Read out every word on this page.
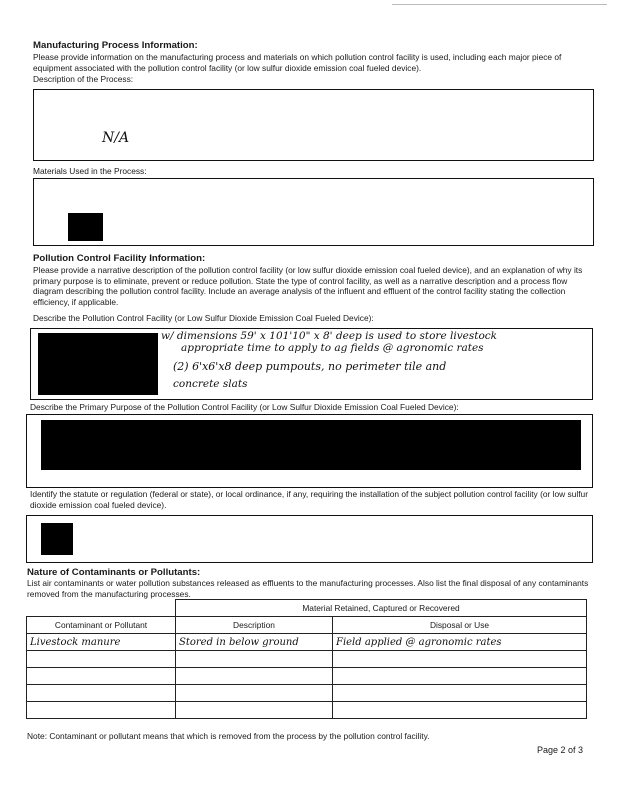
Manufacturing Process Information:
Please provide information on the manufacturing process and materials on which pollution control facility is used, including each major piece of equipment associated with the pollution control facility (or low sulfur dioxide emission coal fueled device).
Description of the Process:
N/A
Materials Used in the Process:
Pollution Control Facility Information:
Please provide a narrative description of the pollution control facility (or low sulfur dioxide emission coal fueled device), and an explanation of why its primary purpose is to eliminate, prevent or reduce pollution. State the type of control facility, as well as a narrative description and a process flow diagram describing the pollution control facility. Include an average analysis of the influent and effluent of the control facility stating the collection efficiency, if applicable.
Describe the Pollution Control Facility (or Low Sulfur Dioxide Emission Coal Fueled Device):
w/ dimensions 59' x 101'10" x 8' deep is used to store livestock
appropriate time to apply to ag fields @ agronomic rates
(2) 6'x6'x8 deep pumpouts, no perimeter tile and
concrete slats
Describe the Primary Purpose of the Pollution Control Facility (or Low Sulfur Dioxide Emission Coal Fueled Device):
Identify the statute or regulation (federal or state), or local ordinance, if any, requiring the installation of the subject pollution control facility (or low sulfur dioxide emission coal fueled device).
Nature of Contaminants or Pollutants:
List air contaminants or water pollution substances released as effluents to the manufacturing processes. Also list the final disposal of any contaminants removed from the manufacturing processes.
	Material Retained, Captured or Recovered	
Contaminant or Pollutant	Description	Disposal or Use
Livestock manure	Stored in below ground	Field applied @ agronomic rates

Note: Contaminant or pollutant means that which is removed from the process by the pollution control facility.
Page 2 of 3
